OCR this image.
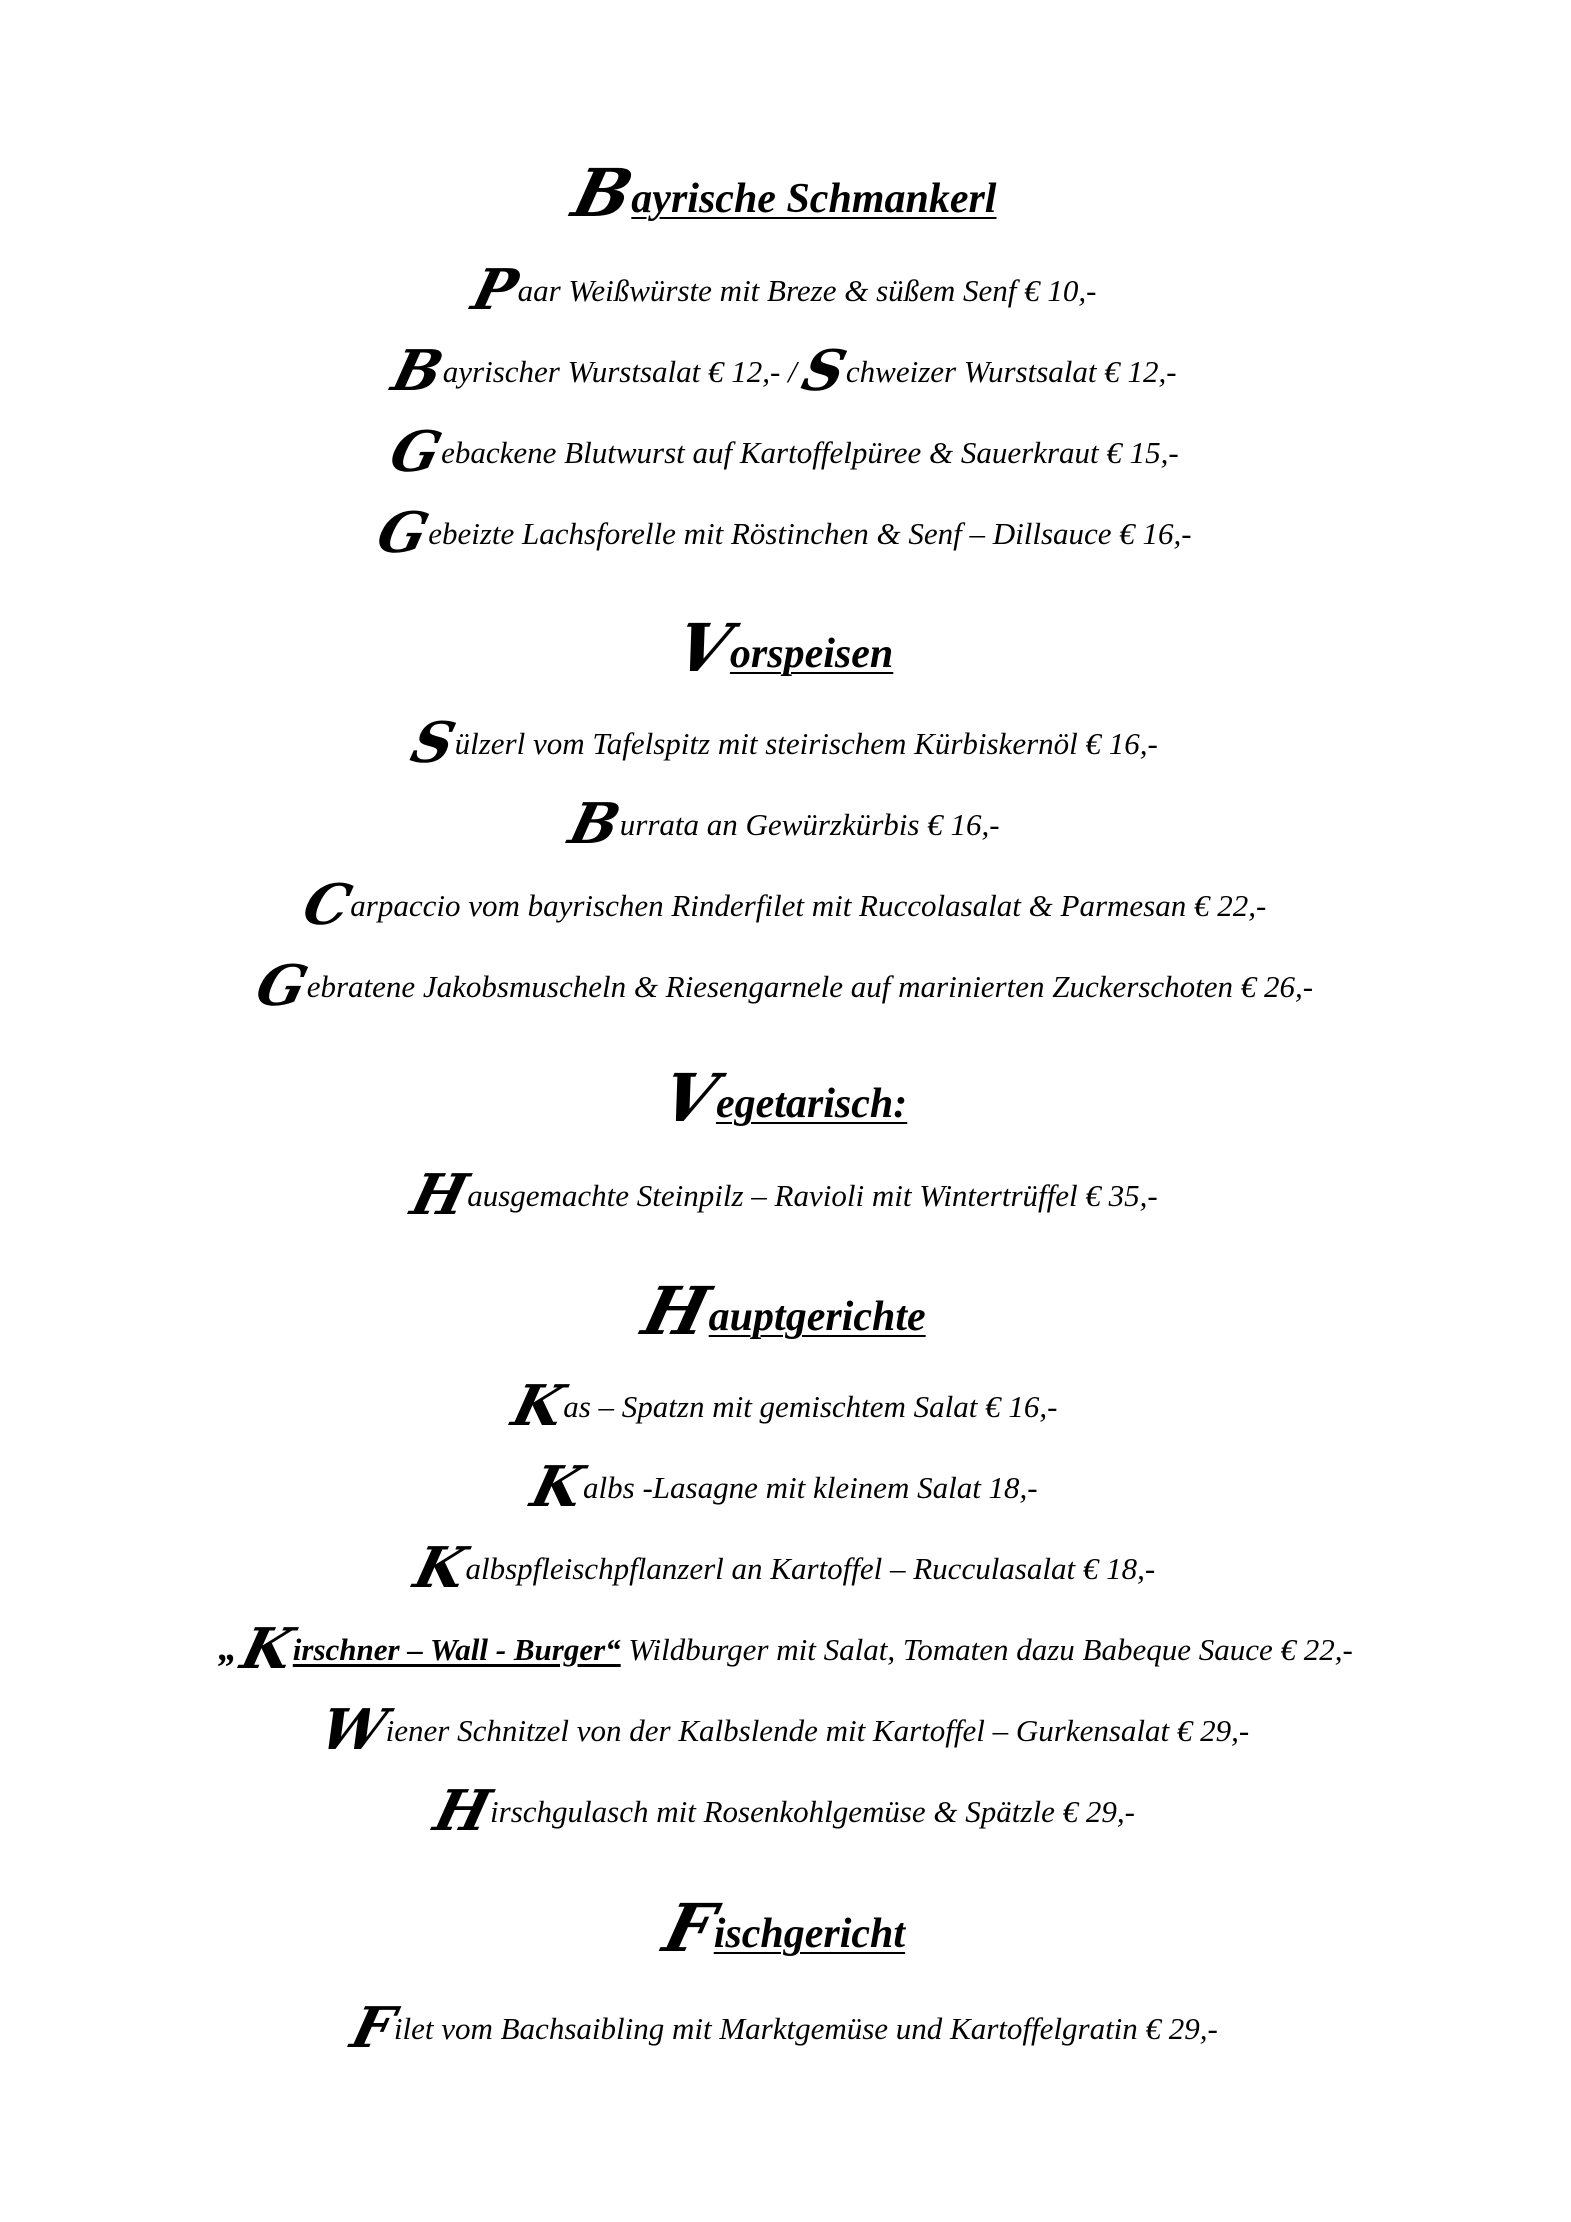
Bayrische Schmankerl
Paar Weißwürste mit Breze & süßem Senf € 10,-
Bayrischer Wurstsalat € 12,- / Schweizer Wurstsalat € 12,-
Gebackene Blutwurst auf Kartoffelpüree & Sauerkraut € 15,-
Gebeizte Lachsforelle mit Röstinchen & Senf – Dillsauce € 16,-
Vorspeisen
Sülzerl vom Tafelspitz mit steirischem Kürbiskernöl € 16,-
Burrata an Gewürzkürbis € 16,-
Carpaccio vom bayrischen Rinderfilet mit Ruccolasalat & Parmesan € 22,-
Gebratene Jakobsmuscheln & Riesengarnele auf marinierten Zuckerschoten € 26,-
Vegetarisch:
Hausgemachte Steinpilz – Ravioli mit Wintertrüffel € 35,-
Hauptgerichte
Kas – Spatzn mit gemischtem Salat € 16,-
Kalbs -Lasagne mit kleinem Salat 18,-
Kalbspfleischpflanzerl an Kartoffel – Rucculasalat € 18,-
„Kirschner – Wall - Burger“ Wildburger mit Salat, Tomaten dazu Babeque Sauce € 22,-
Wiener Schnitzel von der Kalbslende mit Kartoffel – Gurkensalat € 29,-
Hirschgulasch mit Rosenkohlgemüse & Spätzle € 29,-
Fischgericht
Filet vom Bachsaibling mit Marktgemüse und Kartoffelgratin € 29,-
